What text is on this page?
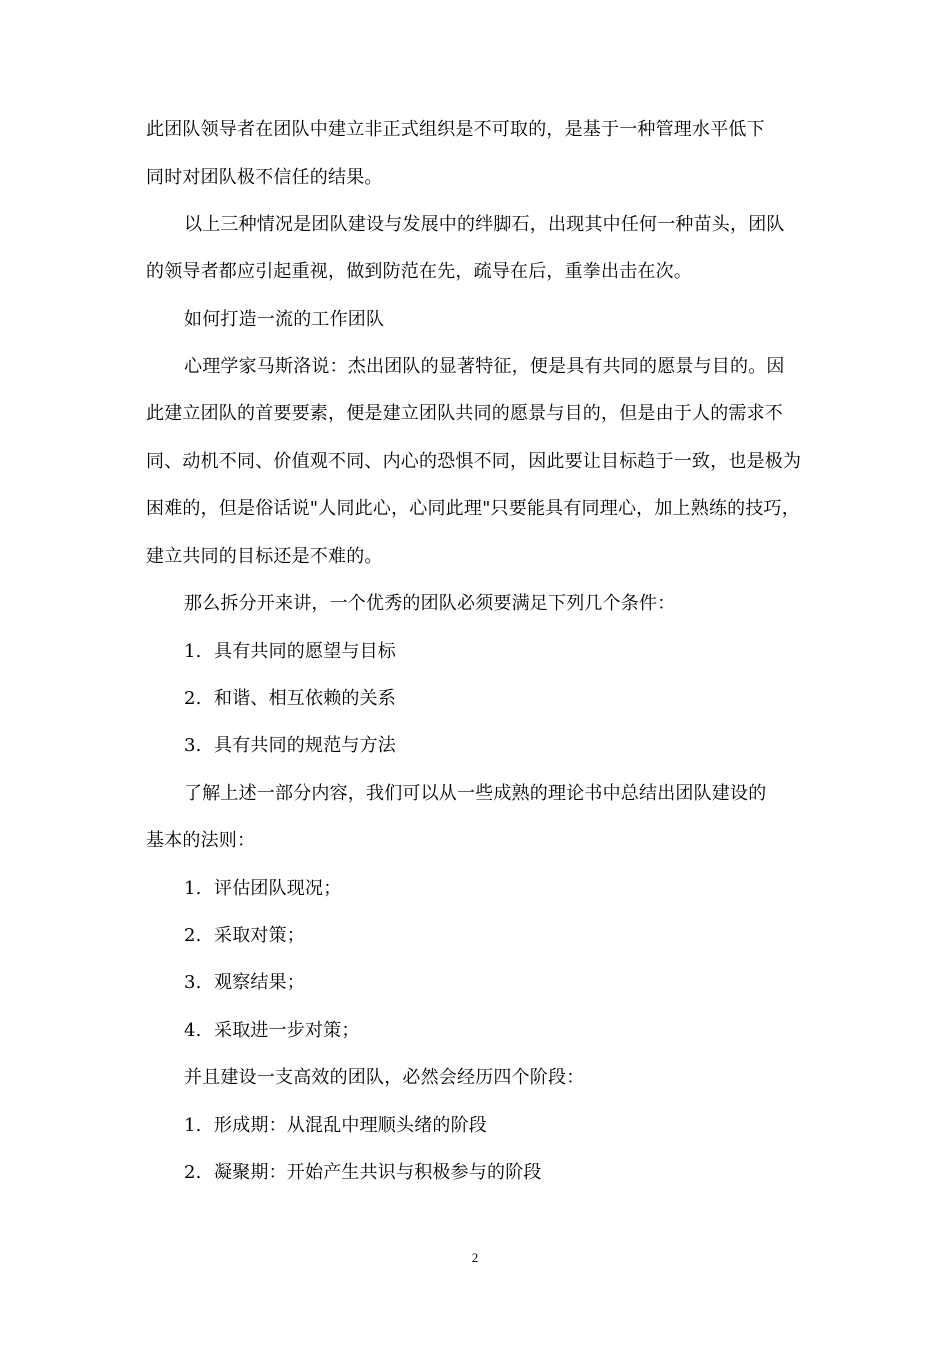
此团队领导者在团队中建立非正式组织是不可取的，是基于一种管理水平低下
同时对团队极不信任的结果。
以上三种情况是团队建设与发展中的绊脚石，出现其中任何一种苗头，团队
的领导者都应引起重视，做到防范在先，疏导在后，重拳出击在次。
如何打造一流的工作团队
心理学家马斯洛说：杰出团队的显著特征，便是具有共同的愿景与目的。因
此建立团队的首要要素，便是建立团队共同的愿景与目的，但是由于人的需求不
同、动机不同、价值观不同、内心的恐惧不同，因此要让目标趋于一致，也是极为
困难的，但是俗话说"人同此心，心同此理"只要能具有同理心，加上熟练的技巧，
建立共同的目标还是不难的。
那么拆分开来讲，一个优秀的团队必须要满足下列几个条件：
1. 具有共同的愿望与目标
2. 和谐、相互依赖的关系
3. 具有共同的规范与方法
了解上述一部分内容，我们可以从一些成熟的理论书中总结出团队建设的
基本的法则：
1. 评估团队现况；
2. 采取对策；
3. 观察结果；
4. 采取进一步对策；
并且建设一支高效的团队，必然会经历四个阶段：
1. 形成期：从混乱中理顺头绪的阶段
2. 凝聚期：开始产生共识与积极参与的阶段
2
